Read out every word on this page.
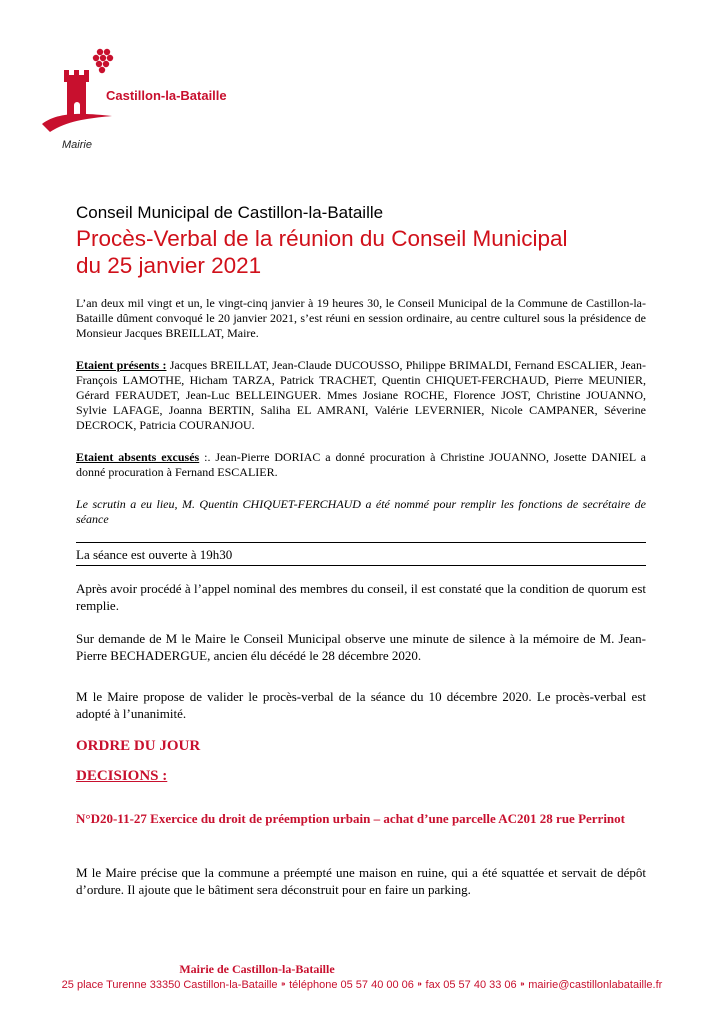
Castillon-la-Bataille
Mairie
Conseil Municipal de Castillon-la-Bataille
Procès-Verbal de la réunion du Conseil Municipal
du 25 janvier 2021
L’an deux mil vingt et un, le vingt-cinq janvier à 19 heures 30, le Conseil Municipal de la Commune de Castillon-la-Bataille dûment convoqué le 20 janvier 2021, s’est réuni en session ordinaire, au centre culturel sous la présidence de Monsieur Jacques BREILLAT, Maire.
Etaient présents : Jacques BREILLAT, Jean-Claude DUCOUSSO, Philippe BRIMALDI, Fernand ESCALIER, Jean-François LAMOTHE, Hicham TARZA, Patrick TRACHET, Quentin CHIQUET-FERCHAUD, Pierre MEUNIER, Gérard FERAUDET, Jean-Luc BELLEINGUER. Mmes Josiane ROCHE, Florence JOST, Christine JOUANNO, Sylvie LAFAGE, Joanna BERTIN, Saliha EL AMRANI, Valérie LEVERNIER, Nicole CAMPANER, Séverine DECROCK, Patricia COURANJOU.
Etaient absents excusés :. Jean-Pierre DORIAC a donné procuration à Christine JOUANNO, Josette DANIEL a donné procuration à Fernand ESCALIER.
Le scrutin a eu lieu, M. Quentin CHIQUET-FERCHAUD a été nommé pour remplir les fonctions de secrétaire de séance
La séance est ouverte à 19h30
Après avoir procédé à l’appel nominal des membres du conseil, il est constaté que la condition de quorum est remplie.
Sur demande de M le Maire le Conseil Municipal observe une minute de silence à la mémoire de M. Jean-Pierre BECHADERGUE, ancien élu décédé le 28 décembre 2020.
M le Maire propose de valider le procès-verbal de la séance du 10 décembre 2020. Le procès-verbal est adopté à l’unanimité.
ORDRE DU JOUR
DECISIONS :
N°D20-11-27 Exercice du droit de préemption urbain – achat d’une parcelle AC201 28 rue Perrinot
M le Maire précise que la commune a préempté une maison en ruine, qui a été squattée et servait de dépôt d’ordure. Il ajoute que le bâtiment sera déconstruit pour en faire un parking.
Mairie de Castillon-la-Bataille
25 place Turenne 33350 Castillon-la-Bataille ⁍ téléphone 05 57 40 00 06 ⁍ fax 05 57 40 33 06 ⁍ mairie@castillonlabataille.fr
